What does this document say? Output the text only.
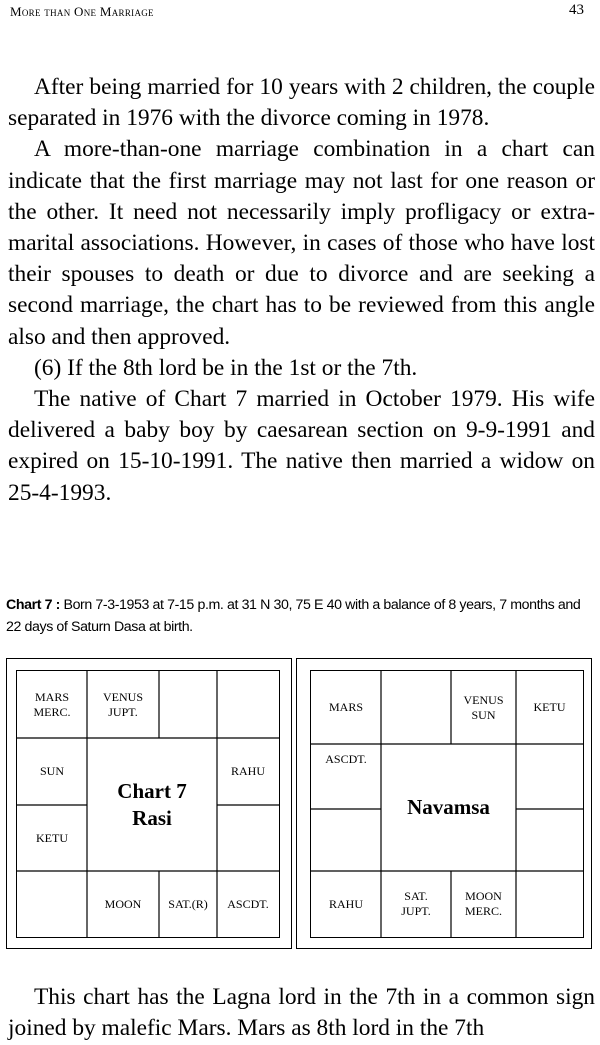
More than One Marriage	43

After being married for 10 years with 2 children, the couple separated in 1976 with the divorce coming in 1978.

A more-than-one marriage combination in a chart can indicate that the first marriage may not last for one reason or the other. It need not necessarily imply profligacy or extra-marital associations. However, in cases of those who have lost their spouses to death or due to divorce and are seeking a second marriage, the chart has to be reviewed from this angle also and then approved.

(6) If the 8th lord be in the 1st or the 7th.

The native of Chart 7 married in October 1979. His wife delivered a baby boy by caesarean section on 9-9-1991 and expired on 15-10-1991. The native then married a widow on 25-4-1993.

Chart 7 : Born 7-3-1953 at 7-15 p.m. at 31 N 30, 75 E 40 with a balance of 8 years, 7 months and 22 days of Saturn Dasa at birth.
MARS
MERC.
VENUS
JUPT.
SUN
KETU
RAHU
MOON SAT.(R) ASCDT.
Chart 7
Rasi
MARS
VENUS
SUN
KETU
ASCDT.
RAHU
SAT.
JUPT.
MOON
MERC.
Navamsa

This chart has the Lagna lord in the 7th in a common sign joined by malefic Mars. Mars as 8th lord in the 7th
